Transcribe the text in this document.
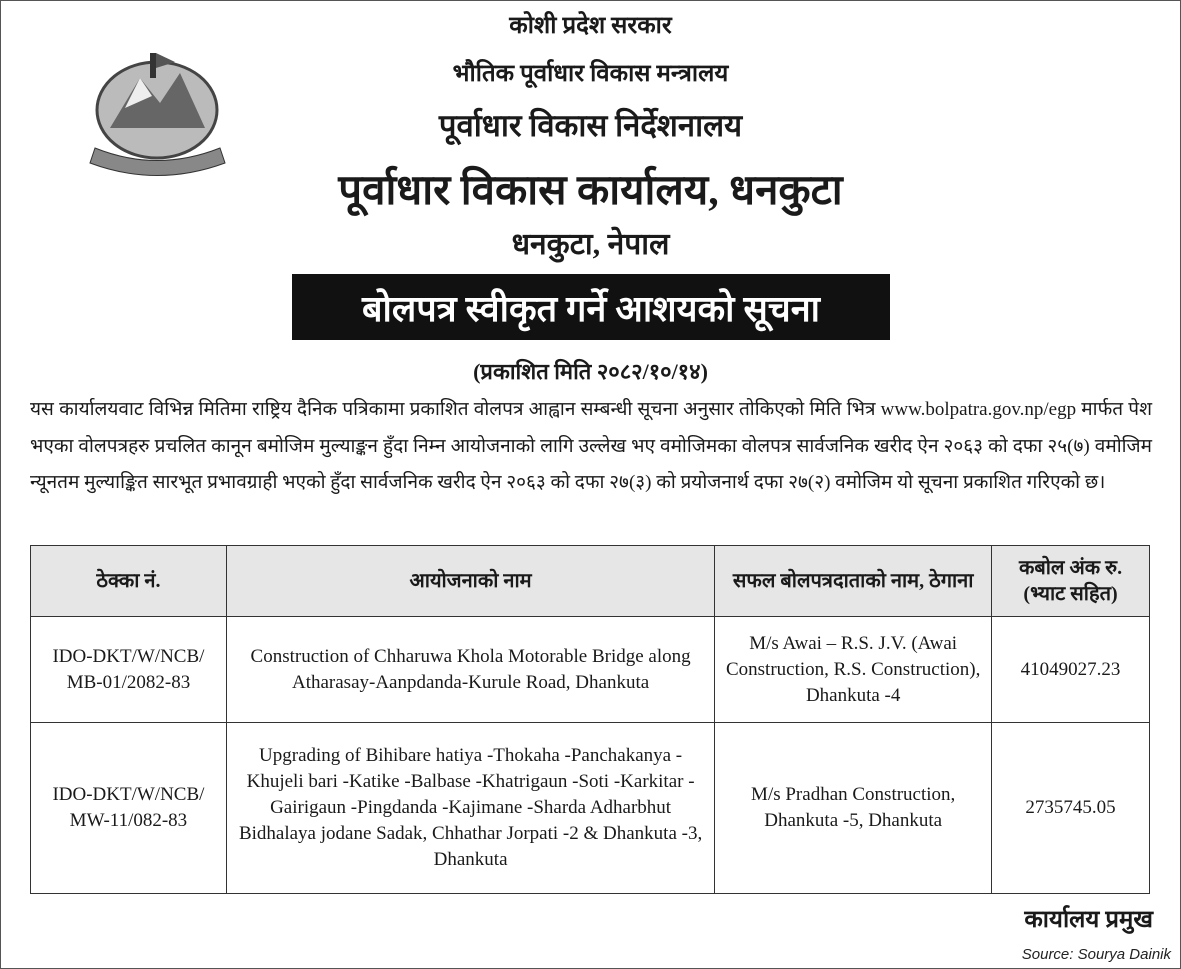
कोशी प्रदेश सरकार
भौतिक पूर्वाधार विकास मन्त्रालय
पूर्वाधार विकास निर्देशनालय
पूर्वाधार विकास कार्यालय, धनकुटा
धनकुटा, नेपाल
बोलपत्र स्वीकृत गर्ने आशयको सूचना
(प्रकाशित मिति २०८२/१०/१४)

यस कार्यालयवाट विभिन्न मितिमा राष्ट्रिय दैनिक पत्रिकामा प्रकाशित वोलपत्र आह्वान सम्बन्धी सूचना अनुसार तोकिएको मिति भित्र www.bolpatra.gov.np/egp मार्फत पेश भएका वोलपत्रहरु प्रचलित कानून बमोजिम मुल्याङ्कन हुँदा निम्न आयोजनाको लागि उल्लेख भए वमोजिमका वोलपत्र सार्वजनिक खरीद ऐन २०६३ को दफा २५(७) वमोजिम न्यूनतम मुल्याङ्कित सारभूत प्रभावग्राही भएको हुँदा सार्वजनिक खरीद ऐन २०६३ को दफा २७(३) को प्रयोजनार्थ दफा २७(२) वमोजिम यो सूचना प्रकाशित गरिएको छ।

ठेक्का नं.	आयोजनाको नाम	सफल बोलपत्रदाताको नाम, ठेगाना	कबोल अंक रु. (भ्याट सहित)
IDO-DKT/W/NCB/ MB-01/2082-83	Construction of Chharuwa Khola Motorable Bridge along Atharasay-Aanpdanda-Kurule Road, Dhankuta	M/s Awai – R.S. J.V. (Awai Construction, R.S. Construction), Dhankuta -4	41049027.23
IDO-DKT/W/NCB/ MW-11/082-83	Upgrading of Bihibare hatiya -Thokaha -Panchakanya -Khujeli bari -Katike -Balbase -Khatrigaun -Soti -Karkitar -Gairigaun -Pingdanda -Kajimane -Sharda Adharbhut Bidhalaya jodane Sadak, Chhathar Jorpati -2 & Dhankuta -3, Dhankuta	M/s Pradhan Construction, Dhankuta -5, Dhankuta	2735745.05
कार्यालय प्रमुख
Source: Sourya Dainik
